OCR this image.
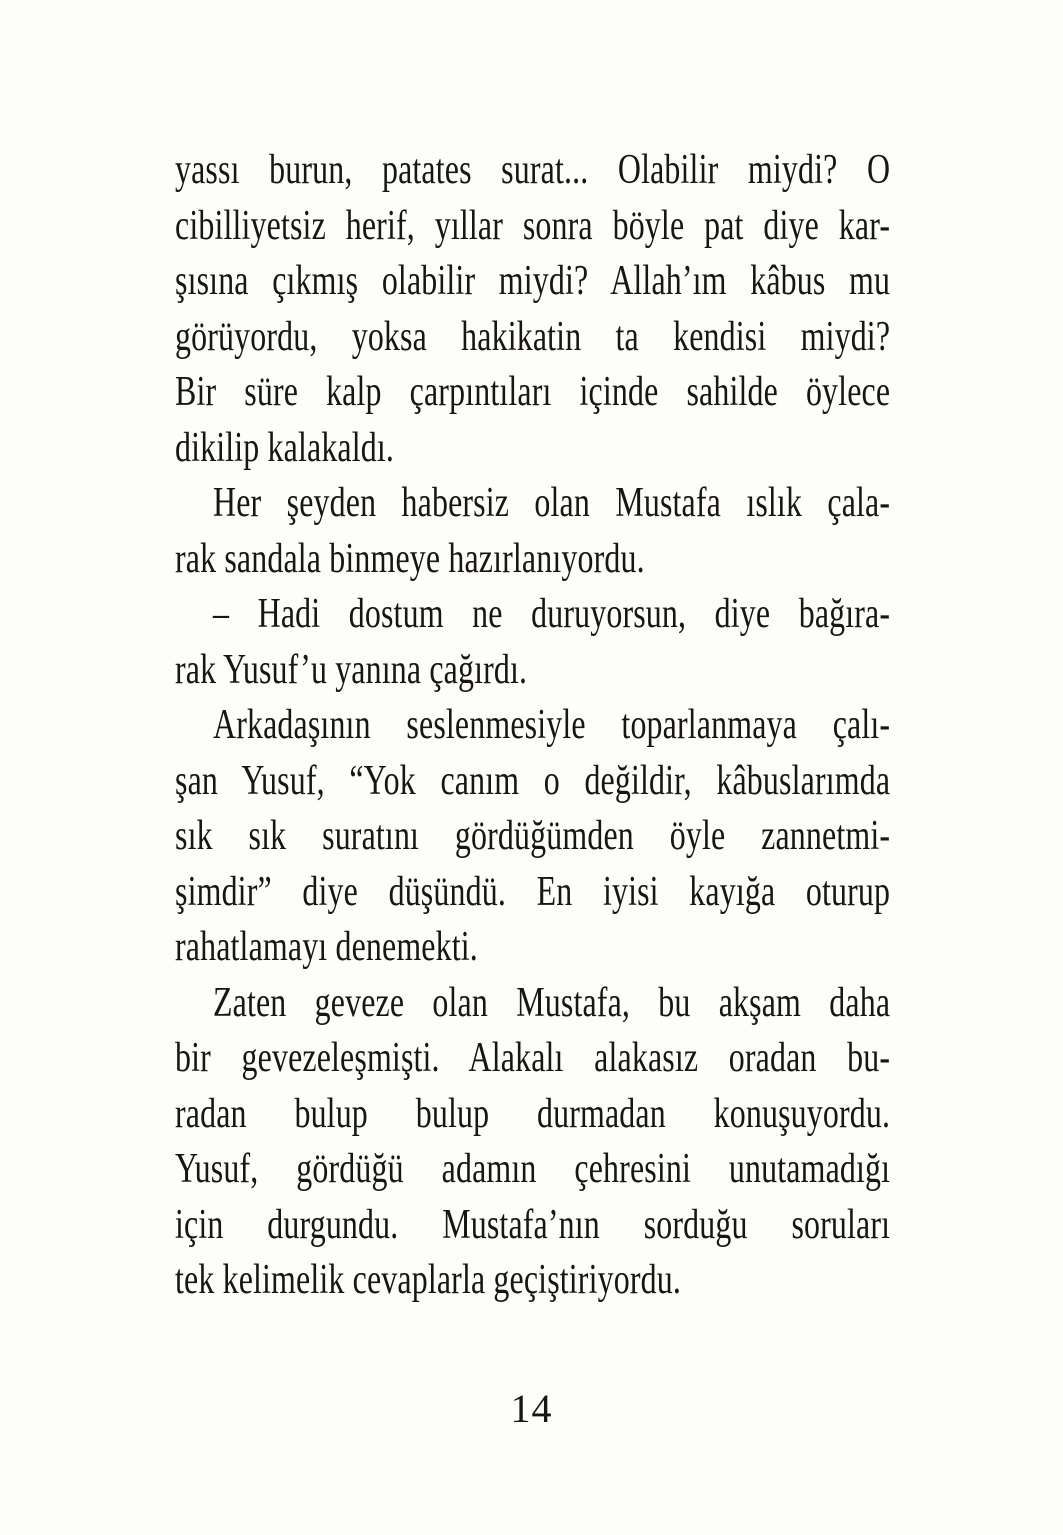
yassı burun, patates surat... Olabilir miydi? O
cibilliyetsiz herif, yıllar sonra böyle pat diye kar-
şısına çıkmış olabilir miydi? Allah’ım kâbus mu
görüyordu, yoksa hakikatin ta kendisi miydi?
Bir süre kalp çarpıntıları içinde sahilde öylece
dikilip kalakaldı.
Her şeyden habersiz olan Mustafa ıslık çala-
rak sandala binmeye hazırlanıyordu.
– Hadi dostum ne duruyorsun, diye bağıra-
rak Yusuf’u yanına çağırdı.
Arkadaşının seslenmesiyle toparlanmaya çalı-
şan Yusuf, “Yok canım o değildir, kâbuslarımda
sık sık suratını gördüğümden öyle zannetmi-
şimdir” diye düşündü. En iyisi kayığa oturup
rahatlamayı denemekti.
Zaten geveze olan Mustafa, bu akşam daha
bir gevezeleşmişti. Alakalı alakasız oradan bu-
radan bulup bulup durmadan konuşuyordu.
Yusuf, gördüğü adamın çehresini unutamadığı
için durgundu. Mustafa’nın sorduğu soruları
tek kelimelik cevaplarla geçiştiriyordu.
14
